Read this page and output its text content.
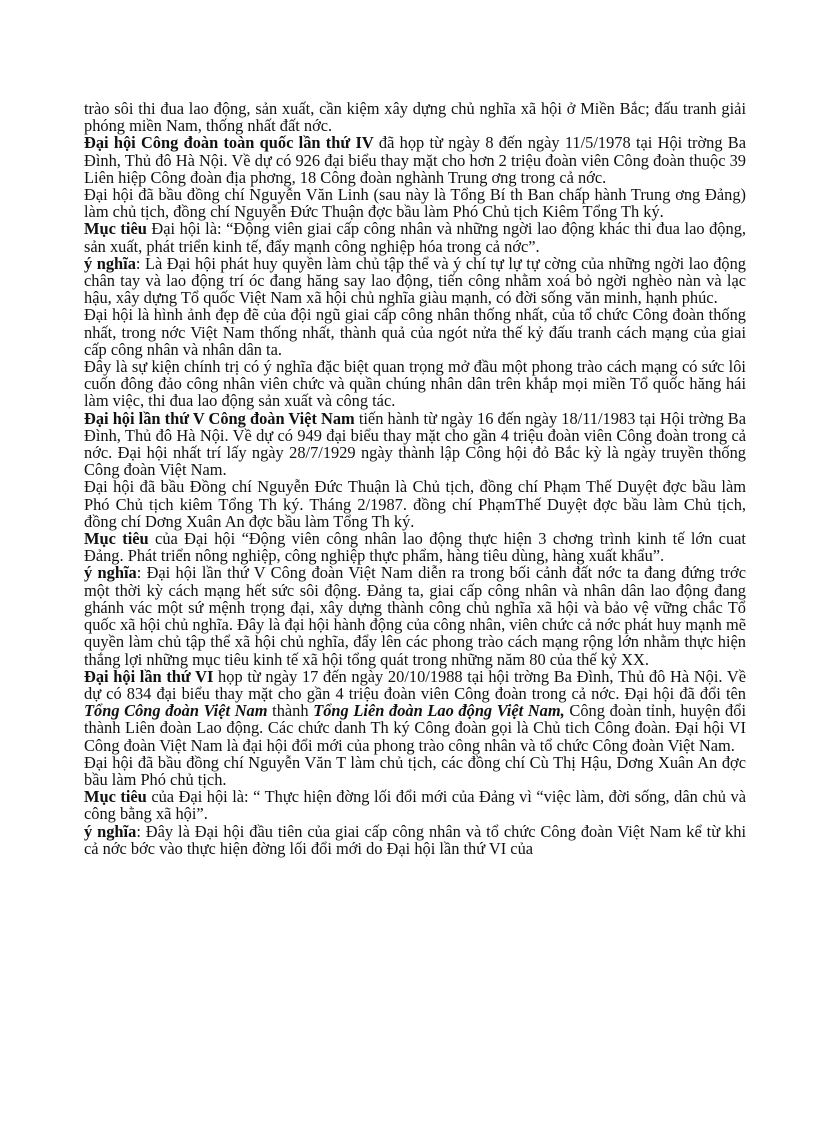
trào sôi thi đua lao động, sản xuất, cần kiệm xây dựng chủ nghĩa xã hội ở Miền Bắc; đấu tranh giải phóng miền Nam, thống nhất đất nớc.

Đại hội Công đoàn toàn quốc lần thứ IV đã họp từ ngày 8 đến ngày 11/5/1978 tại Hội trờng Ba Đình, Thủ đô Hà Nội. Về dự có 926 đại biểu thay mặt cho hơn 2 triệu đoàn viên Công đoàn thuộc 39 Liên hiệp Công đoàn địa phơng, 18 Công đoàn nghành Trung ơng trong cả nớc.

Đại hội đã bầu đồng chí Nguyễn Văn Linh (sau này là Tổng Bí th Ban chấp hành Trung ơng Đảng) làm chủ tịch, đồng chí Nguyễn Đức Thuận đợc bầu làm Phó Chủ tịch Kiêm Tổng Th ký.

Mục tiêu Đại hội là: “Động viên giai cấp công nhân và những ngời lao động khác thi đua lao động, sản xuất, phát triển kinh tế, đẩy mạnh công nghiệp hóa trong cả nớc”.

ý nghĩa: Là Đại hội phát huy quyền làm chủ tập thể và ý chí tự lự tự cờng của những ngời lao động chân tay và lao động trí óc đang hăng say lao động, tiến công nhằm xoá bỏ ngời nghèo nàn và lạc hậu, xây dựng Tổ quốc Việt Nam xã hội chủ nghĩa giàu mạnh, có đời sống văn minh, hạnh phúc.

Đại hội là hình ảnh đẹp đẽ của đội ngũ giai cấp công nhân thống nhất, của tổ chức Công đoàn thống nhất, trong nớc Việt Nam thống nhất, thành quả của ngót nửa thế kỷ đấu tranh cách mạng của giai cấp công nhân và nhân dân ta.

Đây là sự kiện chính trị có ý nghĩa đặc biệt quan trọng mở đầu một phong trào cách mạng có sức lôi cuốn đông đảo công nhân viên chức và quần chúng nhân dân trên khắp mọi miền Tổ quốc hăng hái làm việc, thi đua lao động sản xuất và công tác.

Đại hội lần thứ V Công đoàn Việt Nam tiến hành từ ngày 16 đến ngày 18/11/1983 tại Hội trờng Ba Đình, Thủ đô Hà Nội. Về dự có 949 đại biểu thay mặt cho gần 4 triệu đoàn viên Công đoàn trong cả nớc. Đại hội nhất trí lấy ngày 28/7/1929 ngày thành lập Công hội đỏ Bắc kỳ là ngày truyền thống Công đoàn Việt Nam.

Đại hội đã bầu Đồng chí Nguyễn Đức Thuận là Chủ tịch, đồng chí Phạm Thế Duyệt đợc bầu làm Phó Chủ tịch kiêm Tổng Th ký. Tháng 2/1987. đồng chí PhạmThế Duyệt đợc bầu làm Chủ tịch, đồng chí Dơng Xuân An đợc bầu làm Tổng Th ký.

Mục tiêu của Đại hội “Động viên công nhân lao động thực hiện 3 chơng trình kinh tế lớn cuat Đảng. Phát triển nông nghiệp, công nghiệp thực phẩm, hàng tiêu dùng, hàng xuất khẩu”.

ý nghĩa: Đại hội lần thứ V Công đoàn Việt Nam diễn ra trong bối cảnh đất nớc ta đang đứng trớc một thời kỳ cách mạng hết sức sôi động. Đảng ta, giai cấp công nhân và nhân dân lao động đang ghánh vác một sứ mệnh trọng đại, xây dựng thành công chủ nghĩa xã hội và bảo vệ vững chắc Tổ quốc xã hội chủ nghĩa. Đây là đại hội hành động của công nhân, viên chức cả nớc phát huy mạnh mẽ quyền làm chủ tập thể xã hội chủ nghĩa, đẩy lên các phong trào cách mạng rộng lớn nhằm thực hiện thắng lợi những mục tiêu kinh tế xã hội tổng quát trong những năm 80 của thế kỷ XX.

Đại hội lần thứ VI họp từ ngày 17 đến ngày 20/10/1988 tại hội trờng Ba Đình, Thủ đô Hà Nội. Về dự có 834 đại biểu thay mặt cho gần 4 triệu đoàn viên Công đoàn trong cả nớc. Đại hội đã đổi tên Tổng Công đoàn Việt Nam thành Tổng Liên đoàn Lao động Việt Nam, Công đoàn tỉnh, huyện đổi thành Liên đoàn Lao động. Các chức danh Th ký Công đoàn gọi là Chủ tich Công đoàn. Đại hội VI Công đoàn Việt Nam là đại hội đổi mới của phong trào công nhân và tổ chức Công đoàn Việt Nam.

Đại hội đã bầu đồng chí Nguyễn Văn T làm chủ tịch, các đồng chí Cù Thị Hậu, Dơng Xuân An đợc bầu làm Phó chủ tịch.

Mục tiêu của Đại hội là: “ Thực hiện đờng lối đổi mới của Đảng vì “việc làm, đời sống, dân chủ và công bằng xã hội”.

ý nghĩa: Đây là Đại hội đầu tiên của giai cấp công nhân và tổ chức Công đoàn Việt Nam kể từ khi cả nớc bớc vào thực hiện đờng lối đổi mới do Đại hội lần thứ VI của
